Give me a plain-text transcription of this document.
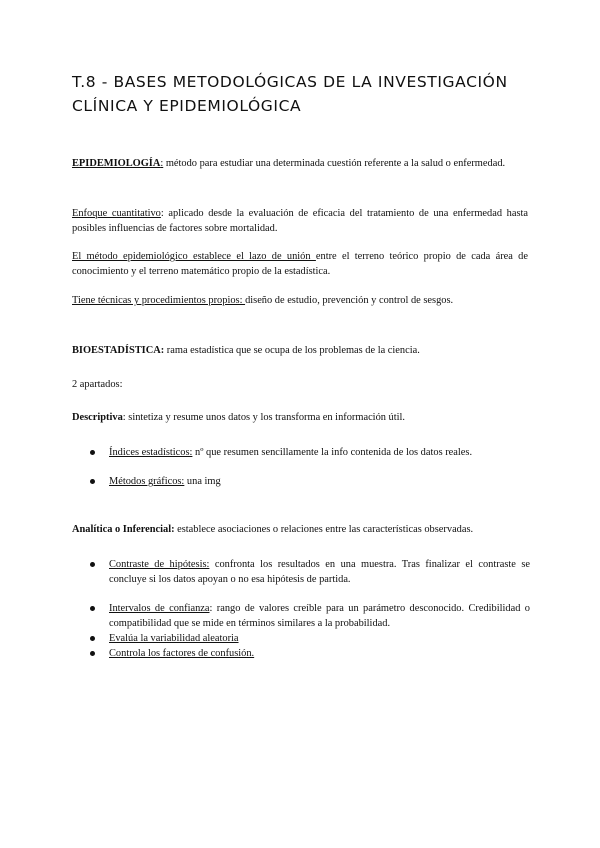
T.8 - BASES METODOLÓGICAS DE LA INVESTIGACIÓN
CLÍNICA Y EPIDEMIOLÓGICA
EPIDEMIOLOGÍA: método para estudiar una determinada cuestión referente a la salud o enfermedad.
Enfoque cuantitativo: aplicado desde la evaluación de eficacia del tratamiento de una enfermedad hasta posibles influencias de factores sobre mortalidad.
El método epidemiológico establece el lazo de unión entre el terreno teórico propio de cada área de conocimiento y el terreno matemático propio de la estadística.
Tiene técnicas y procedimientos propios: diseño de estudio, prevención y control de sesgos.
BIOESTADÍSTICA: rama estadística que se ocupa de los problemas de la ciencia.
2 apartados:
Descriptiva: sintetiza y resume unos datos y los transforma en información útil.
Índices estadísticos: nº que resumen sencillamente la info contenida de los datos reales.
Métodos gráficos: una img
Analítica o Inferencial: establece asociaciones o relaciones entre las características observadas.
Contraste de hipótesis: confronta los resultados en una muestra. Tras finalizar el contraste se concluye si los datos apoyan o no esa hipótesis de partida.
Intervalos de confianza: rango de valores creíble para un parámetro desconocido. Credibilidad o compatibilidad que se mide en términos similares a la probabilidad.
Evalúa la variabilidad aleatoria
Controla los factores de confusión.
